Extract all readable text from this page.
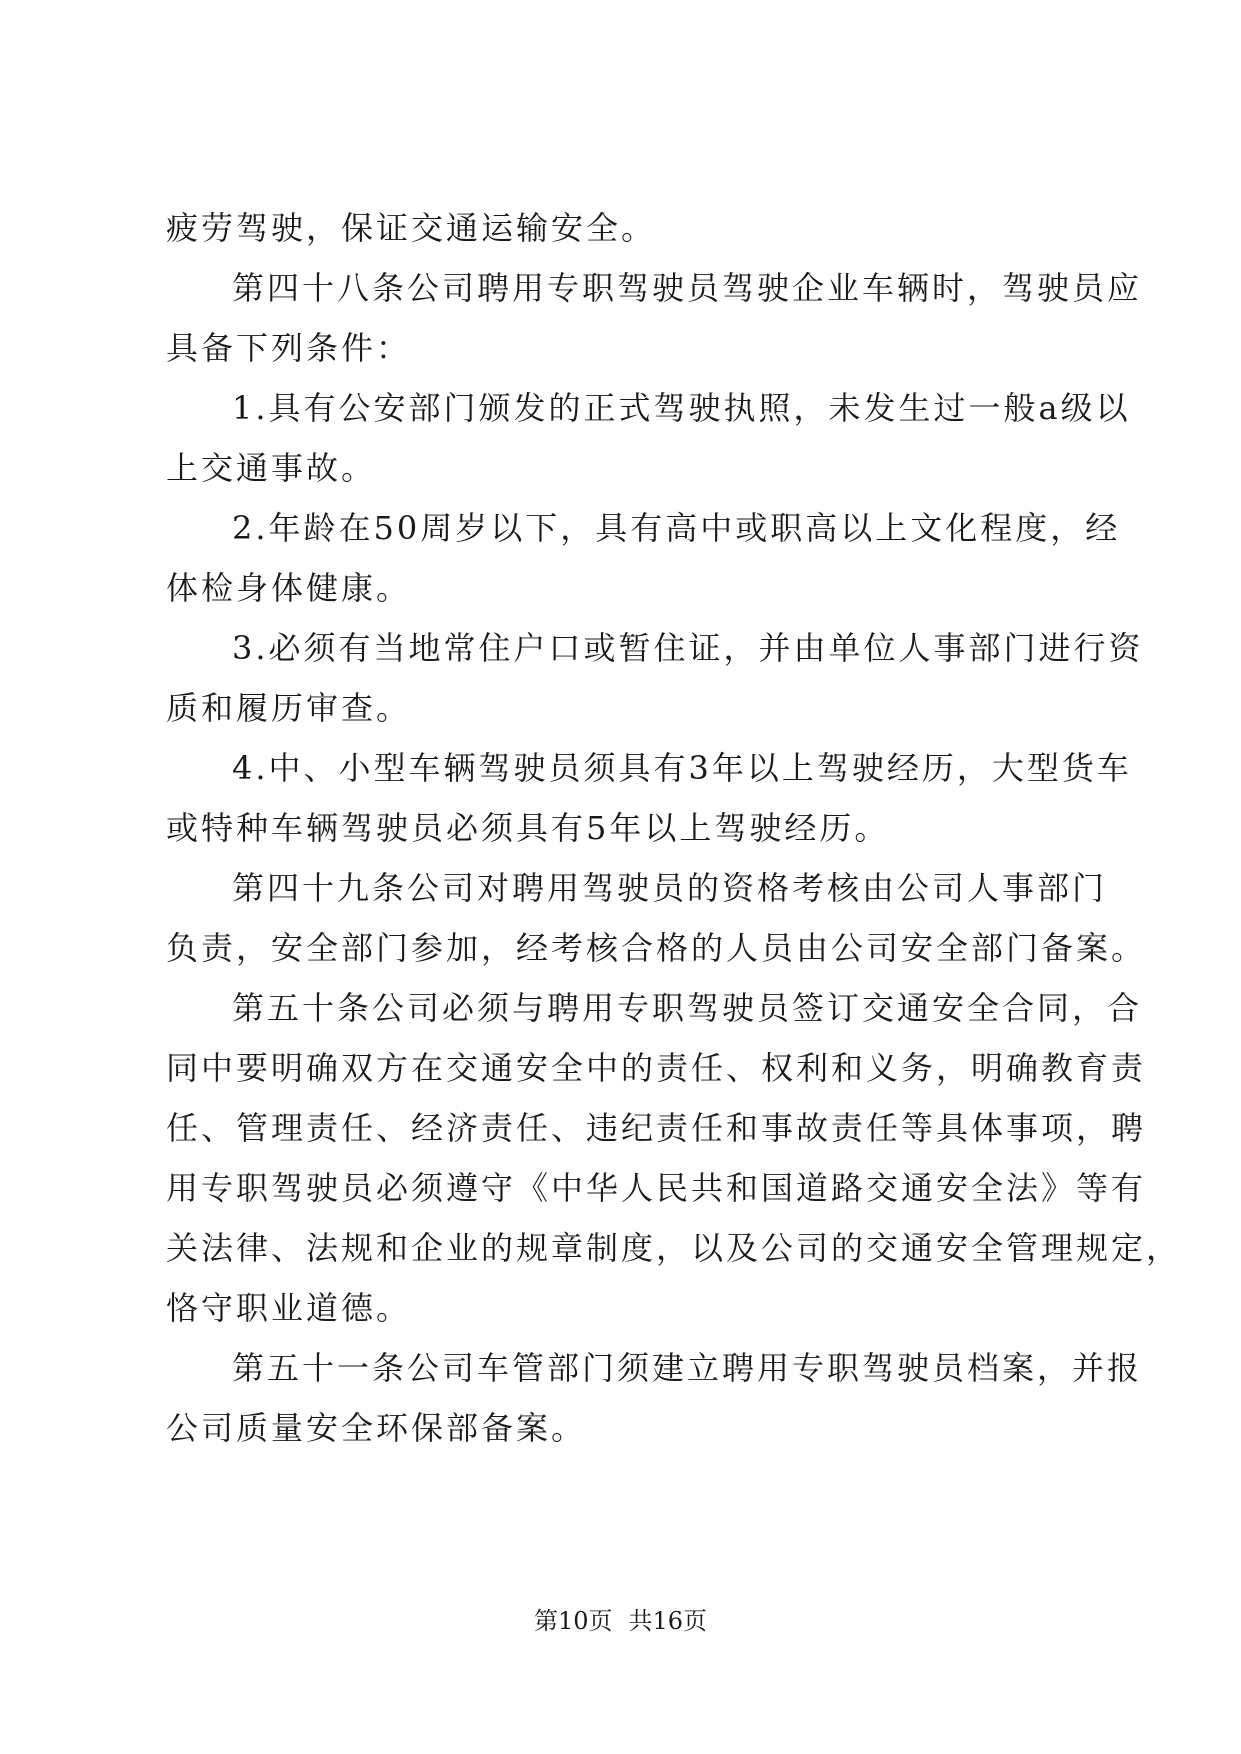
疲劳驾驶，保证交通运输安全。
第四十八条公司聘用专职驾驶员驾驶企业车辆时，驾驶员应
具备下列条件：
1.具有公安部门颁发的正式驾驶执照，未发生过一般a级以
上交通事故。
2.年龄在50周岁以下，具有高中或职高以上文化程度，经
体检身体健康。
3.必须有当地常住户口或暂住证，并由单位人事部门进行资
质和履历审查。
4.中、小型车辆驾驶员须具有3年以上驾驶经历，大型货车
或特种车辆驾驶员必须具有5年以上驾驶经历。
第四十九条公司对聘用驾驶员的资格考核由公司人事部门
负责，安全部门参加，经考核合格的人员由公司安全部门备案。
第五十条公司必须与聘用专职驾驶员签订交通安全合同，合
同中要明确双方在交通安全中的责任、权利和义务，明确教育责
任、管理责任、经济责任、违纪责任和事故责任等具体事项，聘
用专职驾驶员必须遵守《中华人民共和国道路交通安全法》等有
关法律、法规和企业的规章制度，以及公司的交通安全管理规定，
恪守职业道德。
第五十一条公司车管部门须建立聘用专职驾驶员档案，并报
公司质量安全环保部备案。
第10页 共16页
